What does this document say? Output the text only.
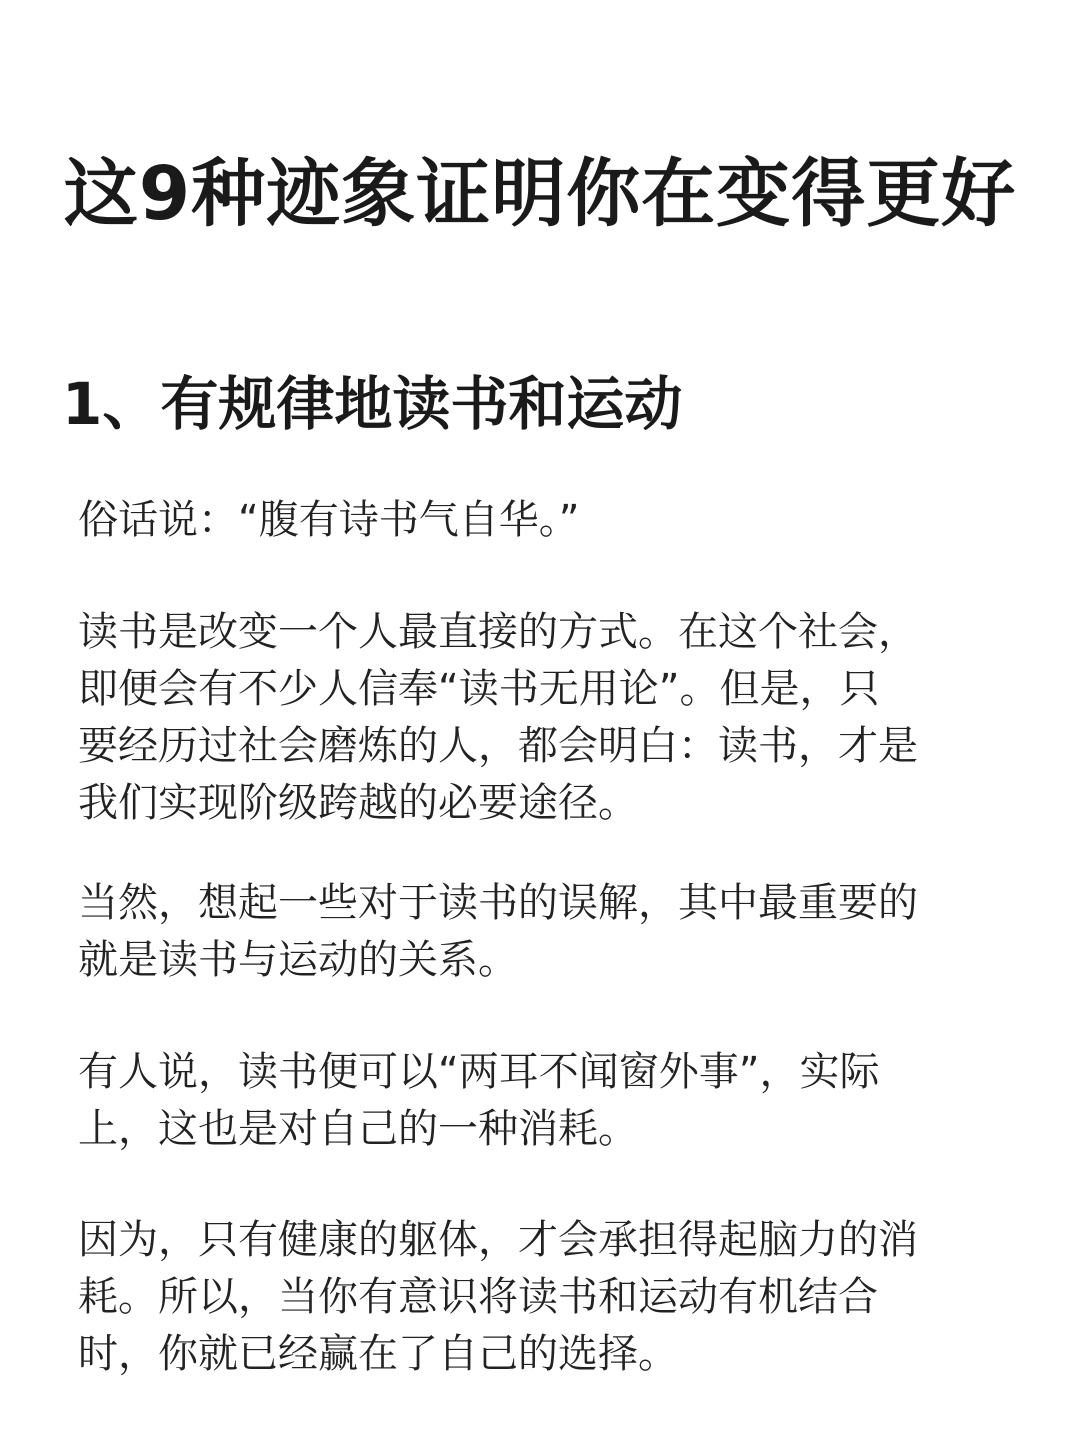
这9种迹象证明你在变得更好
1、有规律地读书和运动

俗话说：“腹有诗书气自华。”

读书是改变一个人最直接的方式。在这个社会，
即便会有不少人信奉“读书无用论”。但是，只
要经历过社会磨炼的人，都会明白：读书，才是
我们实现阶级跨越的必要途径。

当然，想起一些对于读书的误解，其中最重要的
就是读书与运动的关系。

有人说，读书便可以“两耳不闻窗外事”，实际
上，这也是对自己的一种消耗。

因为，只有健康的躯体，才会承担得起脑力的消
耗。所以，当你有意识将读书和运动有机结合
时，你就已经赢在了自己的选择。
